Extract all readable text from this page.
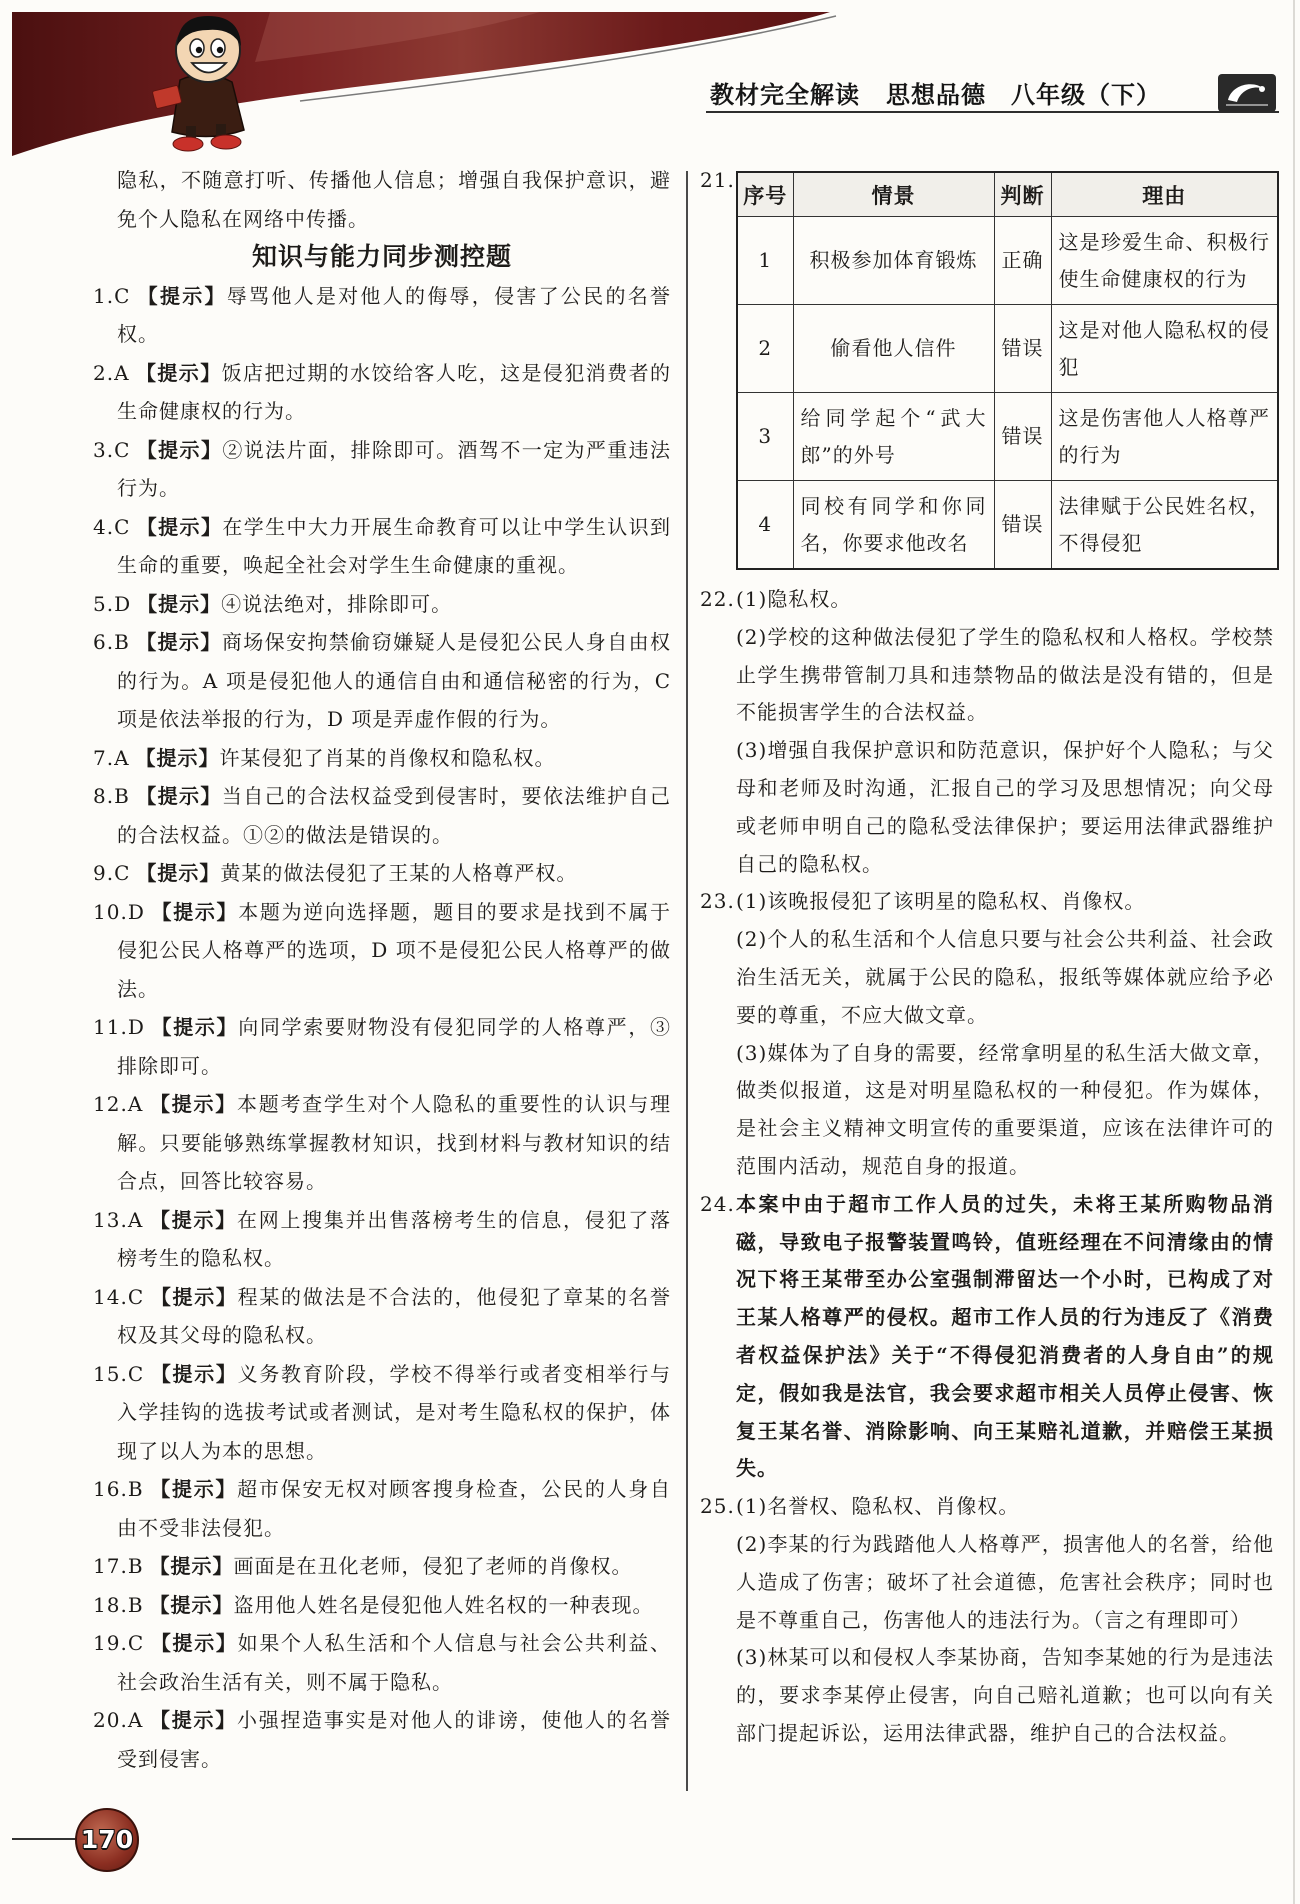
教材完全解读 思想品德 八年级（下）
隐私，不随意打听、传播他人信息；增强自我保护意识，避免个人隐私在网络中传播。
知识与能力同步测控题
1.C 【提示】辱骂他人是对他人的侮辱，侵害了公民的名誉权。
2.A 【提示】饭店把过期的水饺给客人吃，这是侵犯消费者的生命健康权的行为。
3.C 【提示】②说法片面，排除即可。酒驾不一定为严重违法行为。
4.C 【提示】在学生中大力开展生命教育可以让中学生认识到生命的重要，唤起全社会对学生生命健康的重视。
5.D 【提示】④说法绝对，排除即可。
6.B 【提示】商场保安拘禁偷窃嫌疑人是侵犯公民人身自由权的行为。A 项是侵犯他人的通信自由和通信秘密的行为，C 项是依法举报的行为，D 项是弄虚作假的行为。
7.A 【提示】许某侵犯了肖某的肖像权和隐私权。
8.B 【提示】当自己的合法权益受到侵害时，要依法维护自己的合法权益。①②的做法是错误的。
9.C 【提示】黄某的做法侵犯了王某的人格尊严权。
10.D 【提示】本题为逆向选择题，题目的要求是找到不属于侵犯公民人格尊严的选项，D 项不是侵犯公民人格尊严的做法。
11.D 【提示】向同学索要财物没有侵犯同学的人格尊严，③排除即可。
12.A 【提示】本题考查学生对个人隐私的重要性的认识与理解。只要能够熟练掌握教材知识，找到材料与教材知识的结合点，回答比较容易。
13.A 【提示】在网上搜集并出售落榜考生的信息，侵犯了落榜考生的隐私权。
14.C 【提示】程某的做法是不合法的，他侵犯了章某的名誉权及其父母的隐私权。
15.C 【提示】义务教育阶段，学校不得举行或者变相举行与入学挂钩的选拔考试或者测试，是对考生隐私权的保护，体现了以人为本的思想。
16.B 【提示】超市保安无权对顾客搜身检查，公民的人身自由不受非法侵犯。
17.B 【提示】画面是在丑化老师，侵犯了老师的肖像权。
18.B 【提示】盗用他人姓名是侵犯他人姓名权的一种表现。
19.C 【提示】如果个人私生活和个人信息与社会公共利益、社会政治生活有关，则不属于隐私。
20.A 【提示】小强捏造事实是对他人的诽谤，使他人的名誉受到侵害。
21.
序号	情景	判断	理由
1	积极参加体育锻炼	正确	这是珍爱生命、积极行使生命健康权的行为
2	偷看他人信件	错误	这是对他人隐私权的侵犯
3	给同学起个“武大郎”的外号	错误	这是伤害他人人格尊严的行为
4	同校有同学和你同名，你要求他改名	错误	法律赋于公民姓名权，不得侵犯
22. (1)隐私权。
(2)学校的这种做法侵犯了学生的隐私权和人格权。学校禁止学生携带管制刀具和违禁物品的做法是没有错的，但是不能损害学生的合法权益。
(3)增强自我保护意识和防范意识，保护好个人隐私；与父母和老师及时沟通，汇报自己的学习及思想情况；向父母或老师申明自己的隐私受法律保护；要运用法律武器维护自己的隐私权。
23. (1)该晚报侵犯了该明星的隐私权、肖像权。
(2)个人的私生活和个人信息只要与社会公共利益、社会政治生活无关，就属于公民的隐私，报纸等媒体就应给予必要的尊重，不应大做文章。
(3)媒体为了自身的需要，经常拿明星的私生活大做文章，做类似报道，这是对明星隐私权的一种侵犯。作为媒体，是社会主义精神文明宣传的重要渠道，应该在法律许可的范围内活动，规范自身的报道。
24. 本案中由于超市工作人员的过失，未将王某所购物品消磁，导致电子报警装置鸣铃，值班经理在不问清缘由的情况下将王某带至办公室强制滞留达一个小时，已构成了对王某人格尊严的侵权。超市工作人员的行为违反了《消费者权益保护法》关于“不得侵犯消费者的人身自由”的规定，假如我是法官，我会要求超市相关人员停止侵害、恢复王某名誉、消除影响、向王某赔礼道歉，并赔偿王某损失。
25. (1)名誉权、隐私权、肖像权。
(2)李某的行为践踏他人人格尊严，损害他人的名誉，给他人造成了伤害；破坏了社会道德，危害社会秩序；同时也是不尊重自己，伤害他人的违法行为。（言之有理即可）
(3)林某可以和侵权人李某协商，告知李某她的行为是违法的，要求李某停止侵害，向自己赔礼道歉；也可以向有关部门提起诉讼，运用法律武器，维护自己的合法权益。
170
